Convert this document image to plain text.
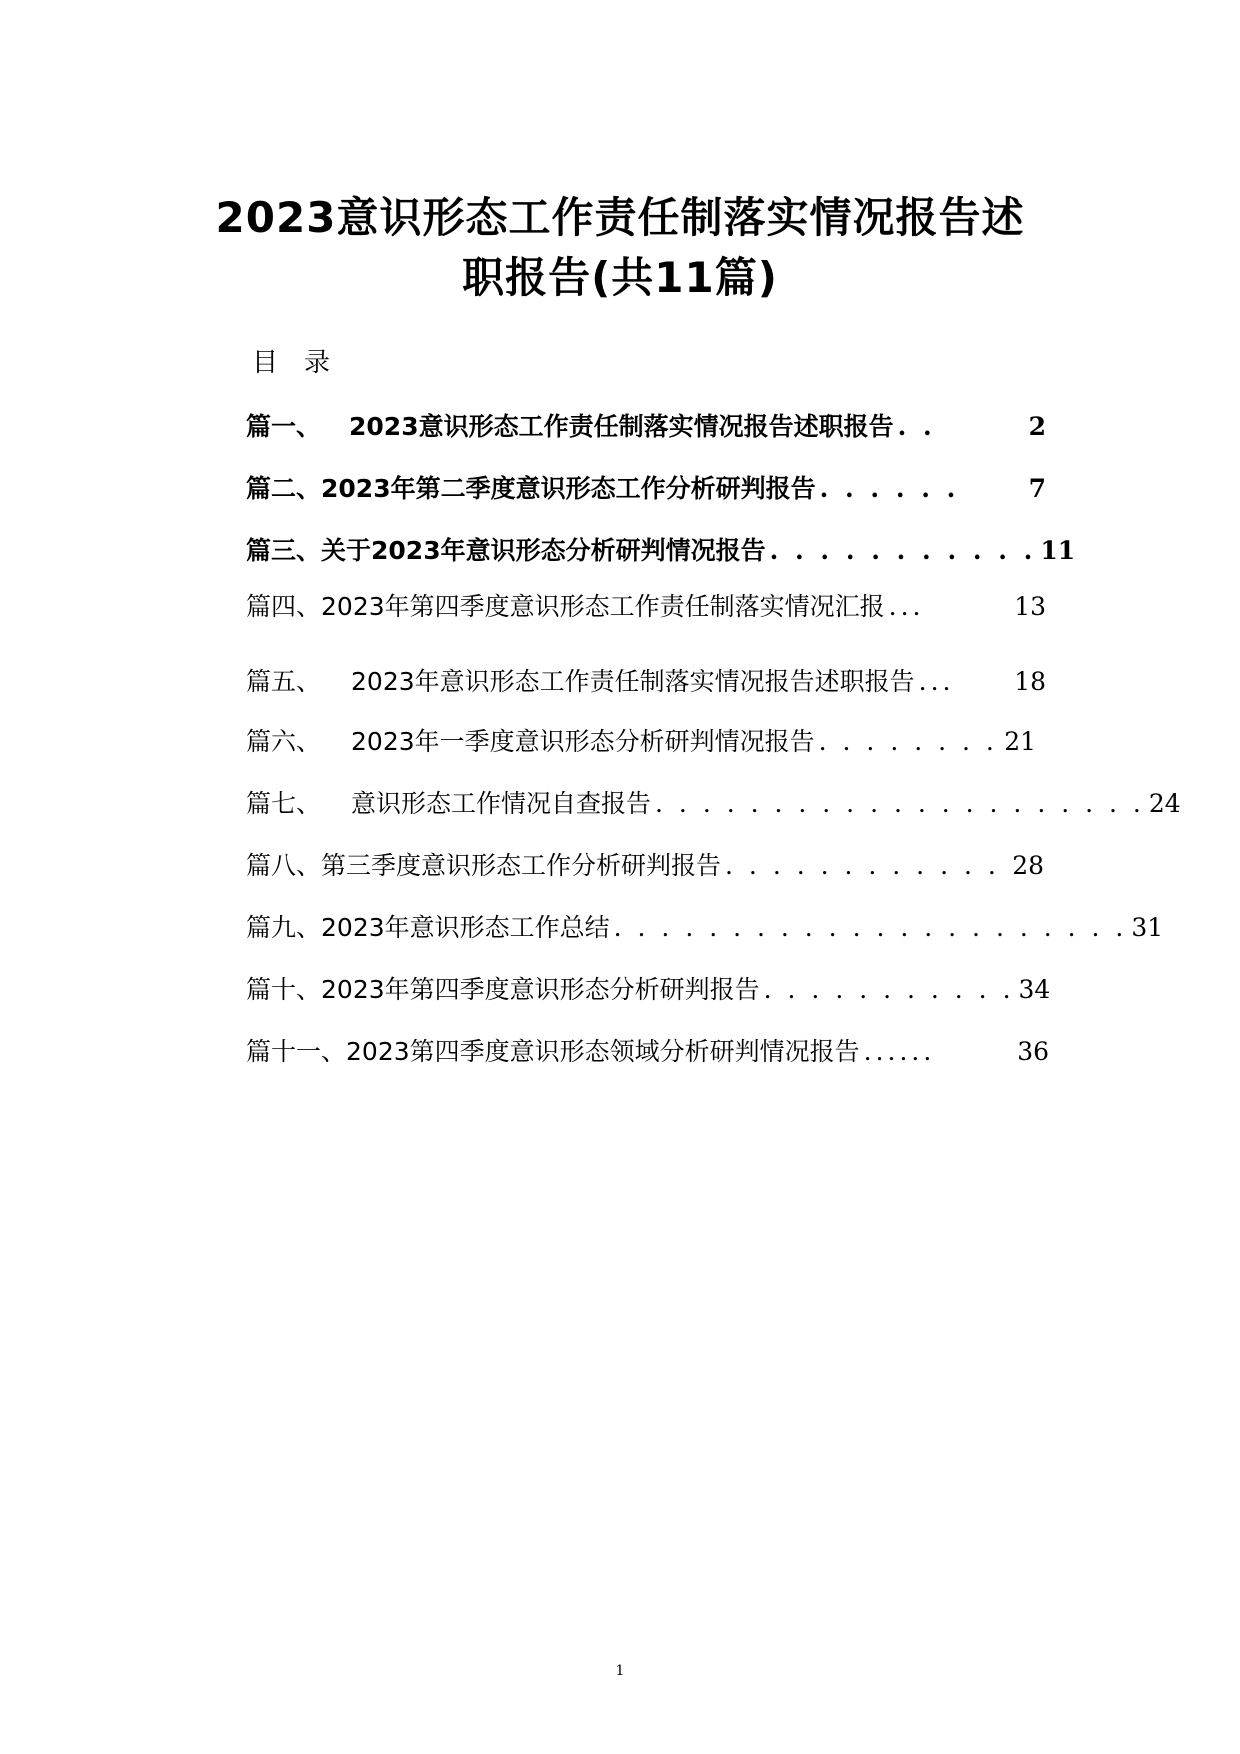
2023意识形态工作责任制落实情况报告述
职报告(共11篇)

目　录

篇一、 2023意识形态工作责任制落实情况报告述职报告 . .	2
篇二、 2023年第二季度意识形态工作分析研判报告 . . . . . .	7
篇三、 关于2023年意识形态分析研判情况报告 . . . . . . . . . . . 11
篇四、 2023年第四季度意识形态工作责任制落实情况汇报 ...	13
篇五、 2023年意识形态工作责任制落实情况报告述职报告 ...	18
篇六、 2023年一季度意识形态分析研判情况报告 . . . . . . . . 21
篇七、 意识形态工作情况自查报告 . . . . . . . . . . . . . . . . . . . . . 24
篇八、 第三季度意识形态工作分析研判报告 . . . . . . . . . . . . 28
篇九、 2023年意识形态工作总结 . . . . . . . . . . . . . . . . . . . . . . 31
篇十、 2023年第四季度意识形态分析研判报告 . . . . . . . . . . . 34
篇十一、 2023第四季度意识形态领域分析研判情况报告 ......	36
1
